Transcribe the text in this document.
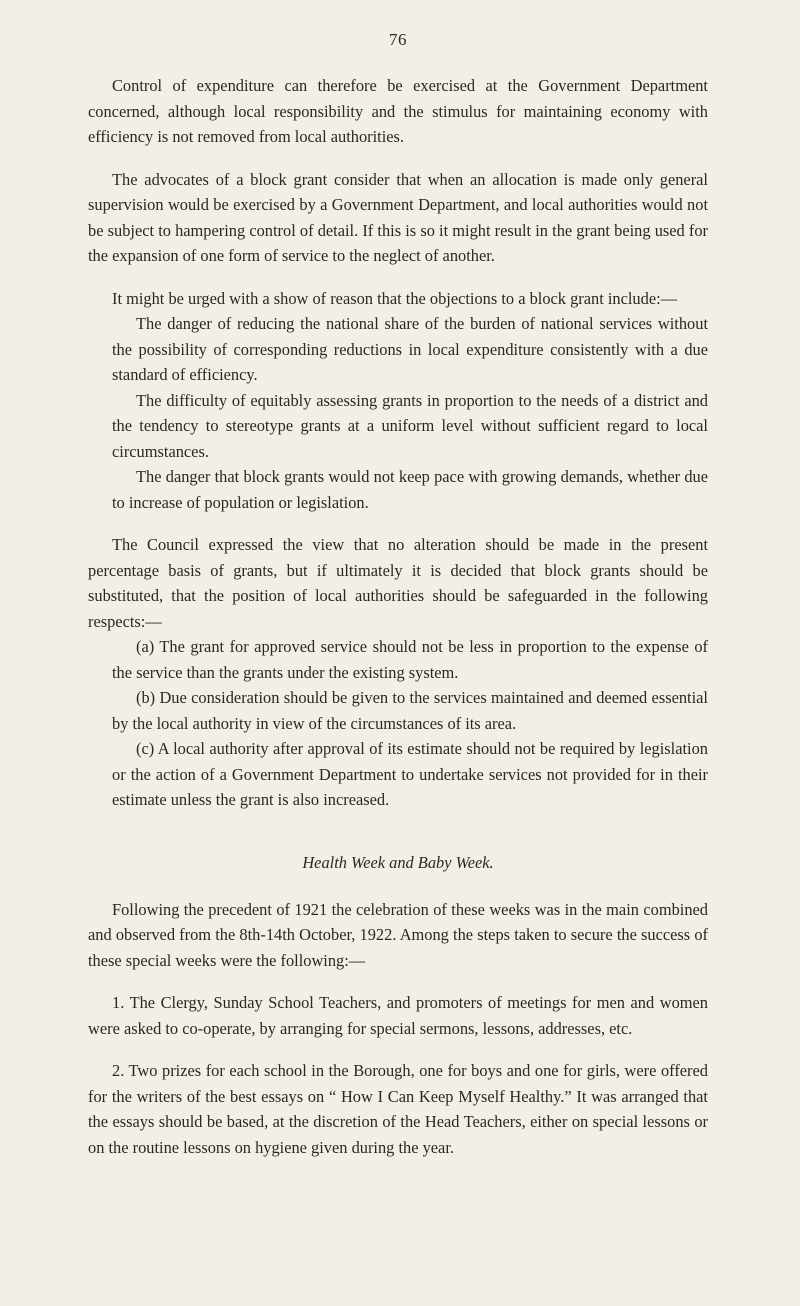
76

Control of expenditure can therefore be exercised at the Government Department concerned, although local responsibility and the stimulus for maintaining economy with efficiency is not removed from local authorities.

The advocates of a block grant consider that when an allocation is made only general supervision would be exercised by a Government Department, and local authorities would not be subject to hampering control of detail. If this is so it might result in the grant being used for the expansion of one form of service to the neglect of another.

It might be urged with a show of reason that the objections to a block grant include:—

The danger of reducing the national share of the burden of national services without the possibility of corresponding reductions in local expenditure consistently with a due standard of efficiency.

The difficulty of equitably assessing grants in proportion to the needs of a district and the tendency to stereotype grants at a uniform level without sufficient regard to local circumstances.

The danger that block grants would not keep pace with growing demands, whether due to increase of population or legislation.

The Council expressed the view that no alteration should be made in the present percentage basis of grants, but if ultimately it is decided that block grants should be substituted, that the position of local authorities should be safeguarded in the following respects:—

(a) The grant for approved service should not be less in proportion to the expense of the service than the grants under the existing system.

(b) Due consideration should be given to the services maintained and deemed essential by the local authority in view of the circumstances of its area.

(c) A local authority after approval of its estimate should not be required by legislation or the action of a Government Department to undertake services not provided for in their estimate unless the grant is also increased.

Health Week and Baby Week.

Following the precedent of 1921 the celebration of these weeks was in the main combined and observed from the 8th-14th October, 1922. Among the steps taken to secure the success of these special weeks were the following:—

1. The Clergy, Sunday School Teachers, and promoters of meetings for men and women were asked to co-operate, by arranging for special sermons, lessons, addresses, etc.

2. Two prizes for each school in the Borough, one for boys and one for girls, were offered for the writers of the best essays on “ How I Can Keep Myself Healthy.” It was arranged that the essays should be based, at the discretion of the Head Teachers, either on special lessons or on the routine lessons on hygiene given during the year.
